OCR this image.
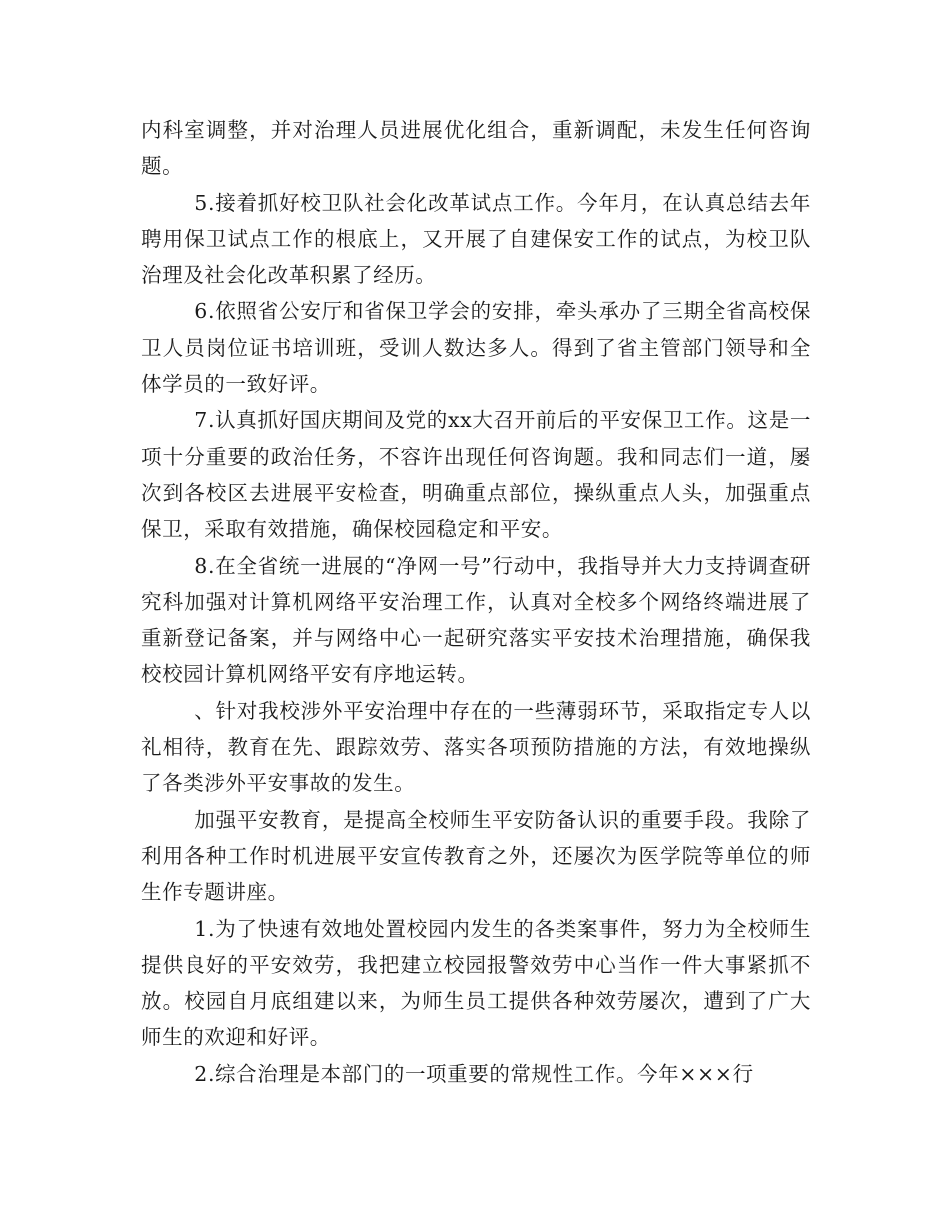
内科室调整，并对治理人员进展优化组合，重新调配，未发生任何咨询题。

5.接着抓好校卫队社会化改革试点工作。今年月，在认真总结去年聘用保卫试点工作的根底上，又开展了自建保安工作的试点，为校卫队治理及社会化改革积累了经历。

6.依照省公安厅和省保卫学会的安排，牵头承办了三期全省高校保卫人员岗位证书培训班，受训人数达多人。得到了省主管部门领导和全体学员的一致好评。

7.认真抓好国庆期间及党的xx大召开前后的平安保卫工作。这是一项十分重要的政治任务，不容许出现任何咨询题。我和同志们一道，屡次到各校区去进展平安检查，明确重点部位，操纵重点人头，加强重点保卫，采取有效措施，确保校园稳定和平安。

8.在全省统一进展的“净网一号”行动中，我指导并大力支持调查研究科加强对计算机网络平安治理工作，认真对全校多个网络终端进展了重新登记备案，并与网络中心一起研究落实平安技术治理措施，确保我校校园计算机网络平安有序地运转。

、针对我校涉外平安治理中存在的一些薄弱环节，采取指定专人以礼相待，教育在先、跟踪效劳、落实各项预防措施的方法，有效地操纵了各类涉外平安事故的发生。

加强平安教育，是提高全校师生平安防备认识的重要手段。我除了利用各种工作时机进展平安宣传教育之外，还屡次为医学院等单位的师生作专题讲座。

1.为了快速有效地处置校园内发生的各类案事件，努力为全校师生提供良好的平安效劳，我把建立校园报警效劳中心当作一件大事紧抓不放。校园自月底组建以来，为师生员工提供各种效劳屡次，遭到了广大师生的欢迎和好评。

2.综合治理是本部门的一项重要的常规性工作。今年×××行
